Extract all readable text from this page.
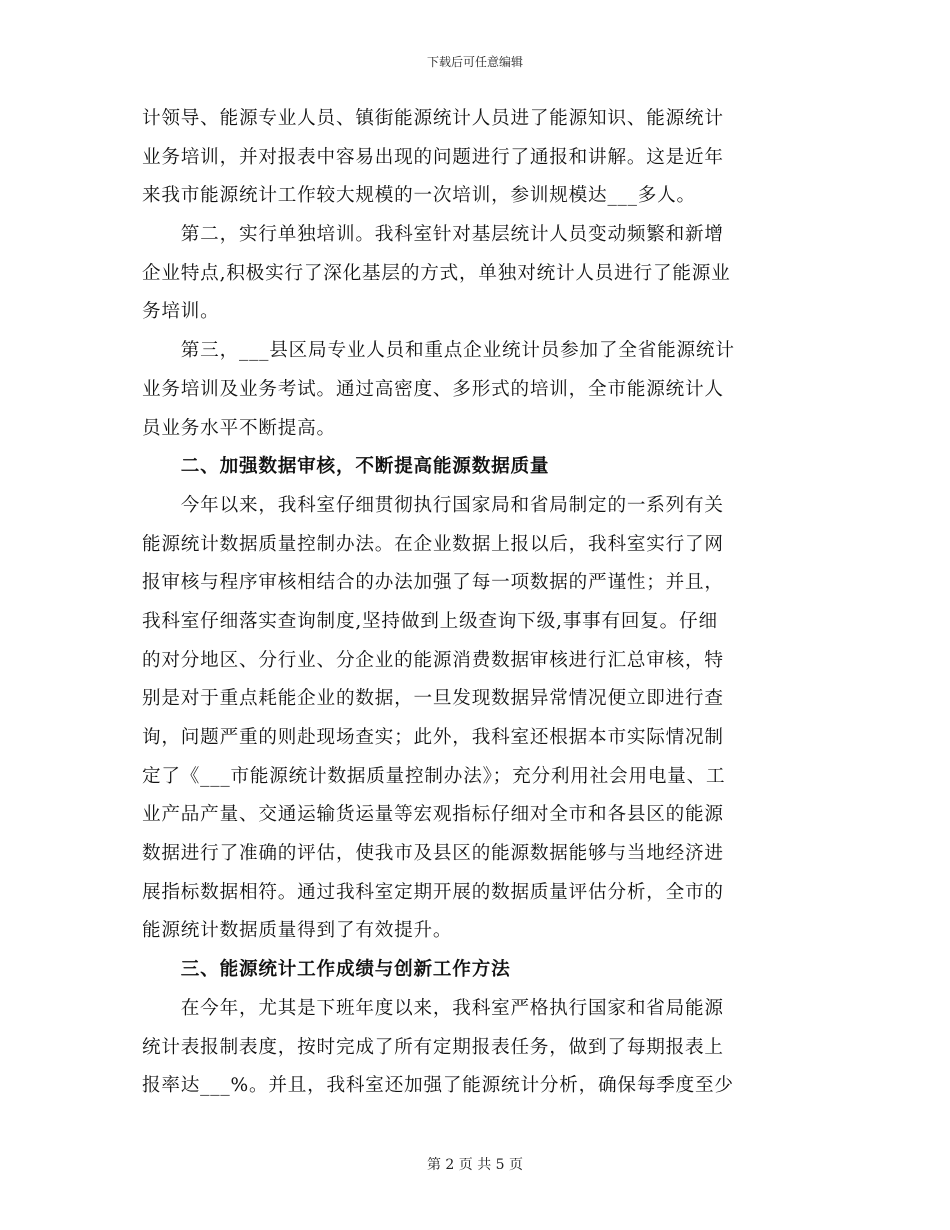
下载后可任意编辑
计领导、能源专业人员、镇街能源统计人员进了能源知识、能源统计
业务培训，并对报表中容易出现的问题进行了通报和讲解。这是近年
来我市能源统计工作较大规模的一次培训，参训规模达___多人。
　　第二，实行单独培训。我科室针对基层统计人员变动频繁和新增
企业特点,积极实行了深化基层的方式，单独对统计人员进行了能源业
务培训。
　　第三，___县区局专业人员和重点企业统计员参加了全省能源统计
业务培训及业务考试。通过高密度、多形式的培训，全市能源统计人
员业务水平不断提高。
　　二、加强数据审核，不断提高能源数据质量
　　今年以来，我科室仔细贯彻执行国家局和省局制定的一系列有关
能源统计数据质量控制办法。在企业数据上报以后，我科室实行了网
报审核与程序审核相结合的办法加强了每一项数据的严谨性；并且，
我科室仔细落实查询制度,坚持做到上级查询下级,事事有回复。仔细
的对分地区、分行业、分企业的能源消费数据审核进行汇总审核，特
别是对于重点耗能企业的数据，一旦发现数据异常情况便立即进行查
询，问题严重的则赴现场查实；此外，我科室还根据本市实际情况制
定了《___市能源统计数据质量控制办法》；充分利用社会用电量、工
业产品产量、交通运输货运量等宏观指标仔细对全市和各县区的能源
数据进行了准确的评估，使我市及县区的能源数据能够与当地经济进
展指标数据相符。通过我科室定期开展的数据质量评估分析，全市的
能源统计数据质量得到了有效提升。
　　三、能源统计工作成绩与创新工作方法
　　在今年，尤其是下班年度以来，我科室严格执行国家和省局能源
统计表报制表度，按时完成了所有定期报表任务，做到了每期报表上
报率达___%。并且，我科室还加强了能源统计分析，确保每季度至少
第 2 页 共 5 页
